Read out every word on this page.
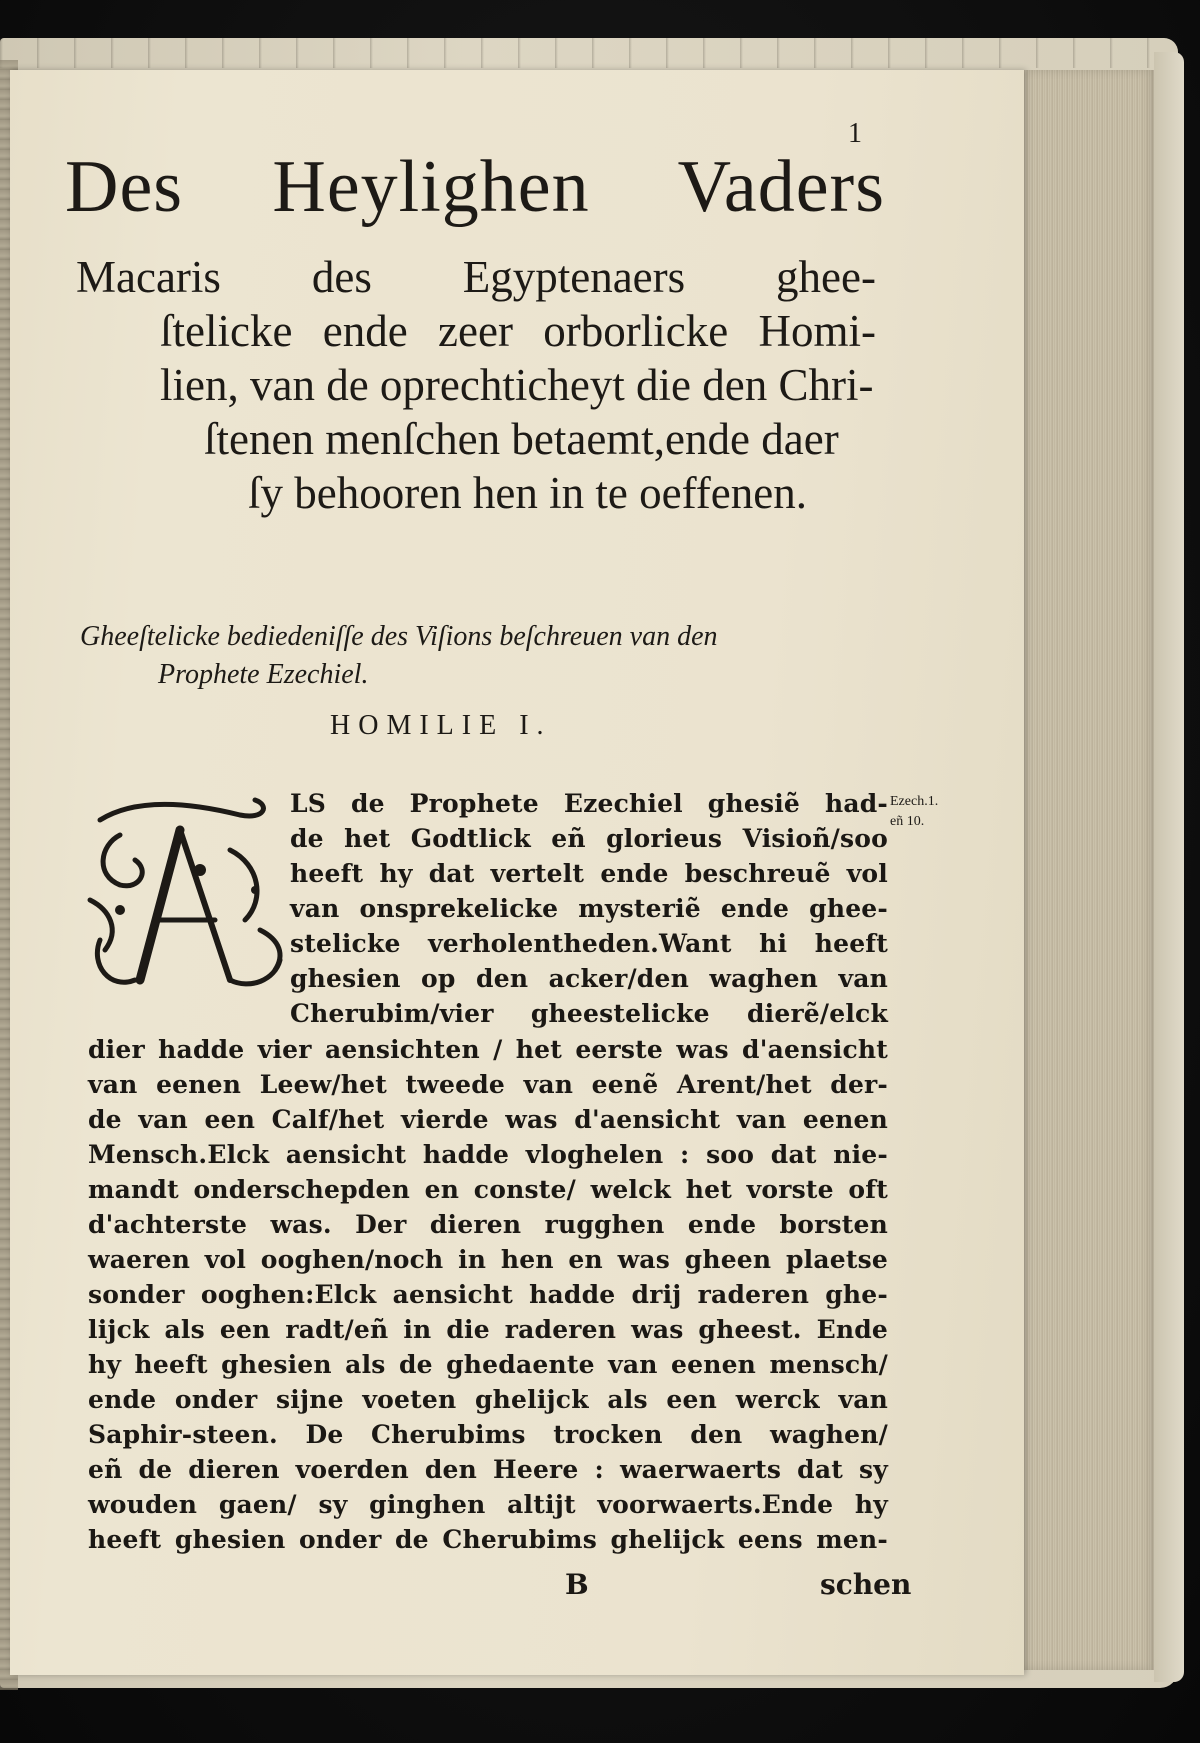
1
Des Heylighen Vaders
Macaris des Egyptenaers ghee-
ſtelicke ende zeer orborlicke Homi-
lien, van de oprechticheyt die den Chri-
ſtenen menſchen betaemt,ende daer
ſy behooren hen in te oeffenen.
Gheeſtelicke bediedeniſſe des Viſions beſchreuen van den
Prophete Ezechiel.
HOMILIE I.
Ezech.1.
eñ 10.
LS de Prophete Ezechiel ghesiẽ had-
de het Godtlick eñ glorieus Visioñ/soo
heeft hy dat vertelt ende beschreuẽ vol
van onsprekelicke mysteriẽ ende ghee-
stelicke verholentheden.Want hi heeft
ghesien op den acker/den waghen van
Cherubim/vier gheestelicke dierẽ/elck
dier hadde vier aensichten / het eerste was d'aensicht
van eenen Leew/het tweede van eenẽ Arent/het der-
de van een Calf/het vierde was d'aensicht van eenen
Mensch.Elck aensicht hadde vloghelen : soo dat nie-
mandt onderschepden en conste/ welck het vorste oft
d'achterste was. Der dieren rugghen ende borsten
waeren vol ooghen/noch in hen en was gheen plaetse
sonder ooghen:Elck aensicht hadde drij raderen ghe-
lijck als een radt/eñ in die raderen was gheest. Ende
hy heeft ghesien als de ghedaente van eenen mensch/
ende onder sijne voeten ghelijck als een werck van
Saphir-steen. De Cherubims trocken den waghen/
eñ de dieren voerden den Heere : waerwaerts dat sy
wouden gaen/ sy ginghen altijt voorwaerts.Ende hy
heeft ghesien onder de Cherubims ghelijck eens men-
B	schen
